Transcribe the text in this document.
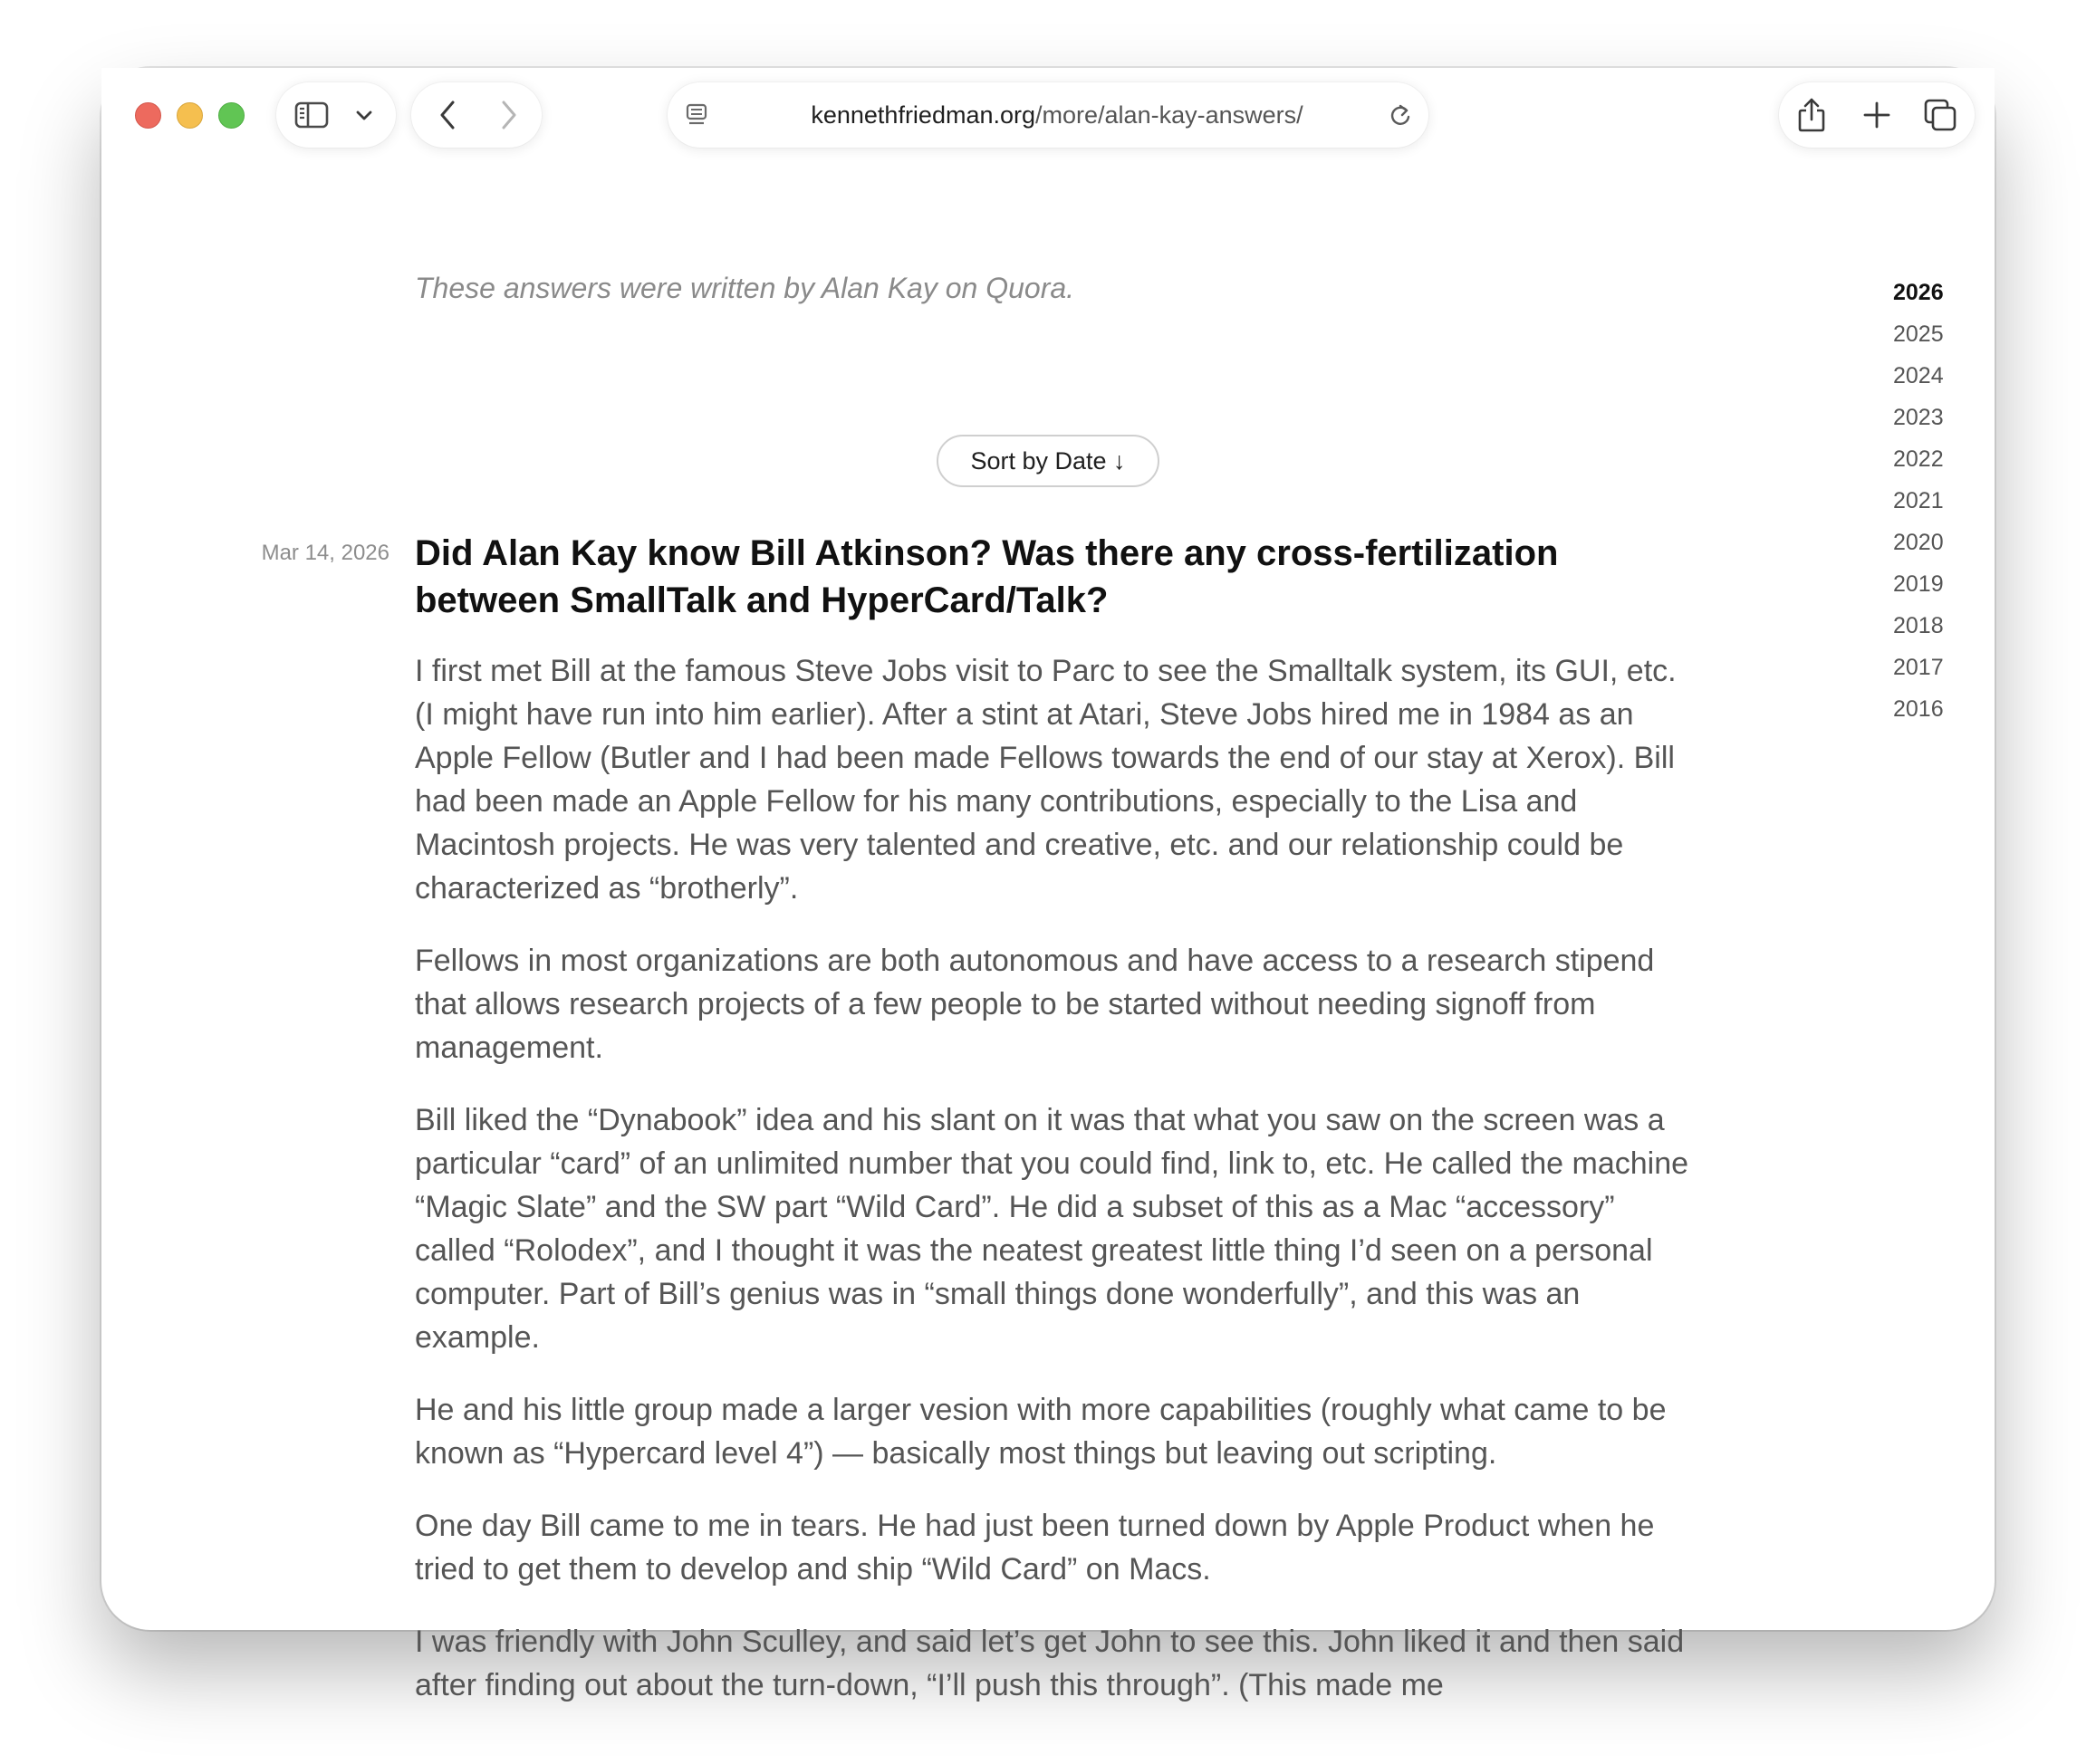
kennethfriedman.org/more/alan-kay-answers/

These answers were written by Alan Kay on Quora.

Sort by Date ↓

Mar 14, 2026 Did Alan Kay know Bill Atkinson? Was there any cross-fertilization between SmallTalk and HyperCard/Talk?

I first met Bill at the famous Steve Jobs visit to Parc to see the Smalltalk system, its GUI, etc. (I might have run into him earlier). After a stint at Atari, Steve Jobs hired me in 1984 as an Apple Fellow (Butler and I had been made Fellows towards the end of our stay at Xerox). Bill had been made an Apple Fellow for his many contributions, especially to the Lisa and Macintosh projects. He was very talented and creative, etc. and our relationship could be characterized as “brotherly”.

Fellows in most organizations are both autonomous and have access to a research stipend that allows research projects of a few people to be started without needing signoff from management.

Bill liked the “Dynabook” idea and his slant on it was that what you saw on the screen was a particular “card” of an unlimited number that you could find, link to, etc. He called the machine “Magic Slate” and the SW part “Wild Card”. He did a subset of this as a Mac “accessory” called “Rolodex”, and I thought it was the neatest greatest little thing I’d seen on a personal computer. Part of Bill’s genius was in “small things done wonderfully”, and this was an example.

He and his little group made a larger vesion with more capabilities (roughly what came to be known as “Hypercard level 4”) — basically most things but leaving out scripting.

One day Bill came to me in tears. He had just been turned down by Apple Product when he tried to get them to develop and ship “Wild Card” on Macs.

I was friendly with John Sculley, and said let’s get John to see this. John liked it and then said after finding out about the turn-down, “I’ll push this through”. (This made me

2026
2025
2024
2023
2022
2021
2020
2019
2018
2017
2016
